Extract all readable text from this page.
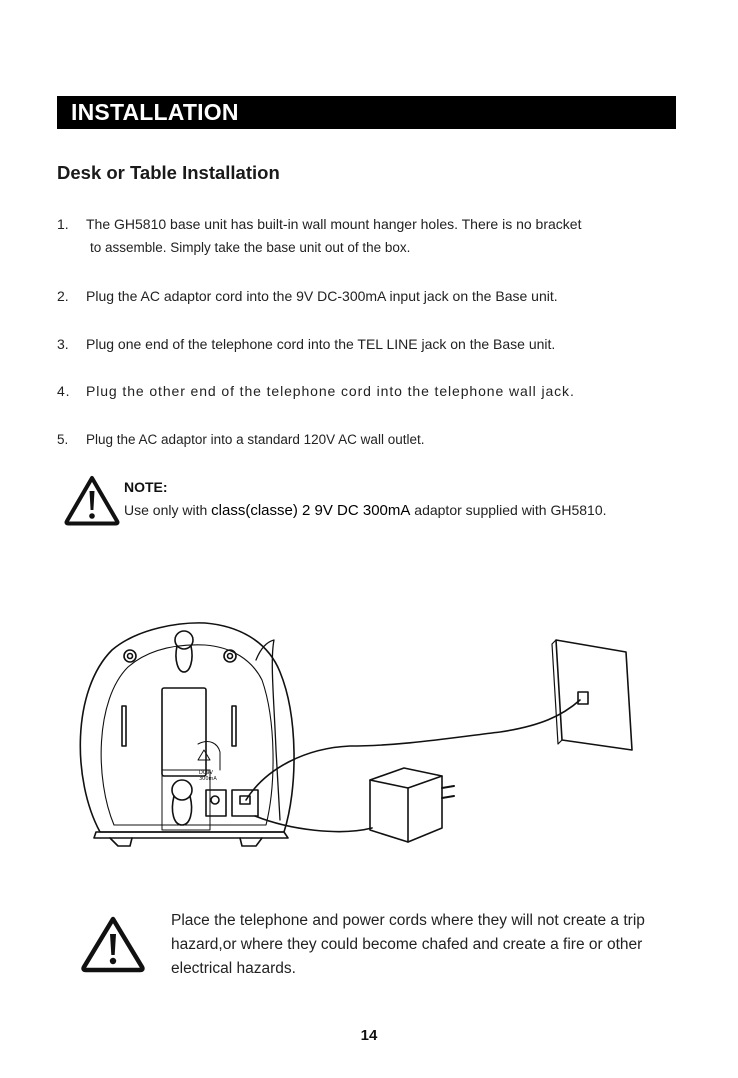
INSTALLATION
Desk or Table Installation
1. The GH5810 base unit has built-in wall mount hanger holes. There is no bracket
to assemble. Simply take the base unit out of the box.
2. Plug the AC adaptor cord into the 9V DC-300mA input jack on the Base unit.
3. Plug one end of the telephone cord into the TEL LINE jack on the Base unit.
4. Plug the other end of the telephone cord into the telephone wall jack.
5. Plug the AC adaptor into a standard 120V AC wall outlet.
NOTE:
Use only with class(classe) 2 9V DC 300mA adaptor supplied with GH5810.
DC9V
300mA
Place the telephone and power cords where they will not create a trip
hazard,or where they could become chafed and create a fire or other
electrical hazards.
14
